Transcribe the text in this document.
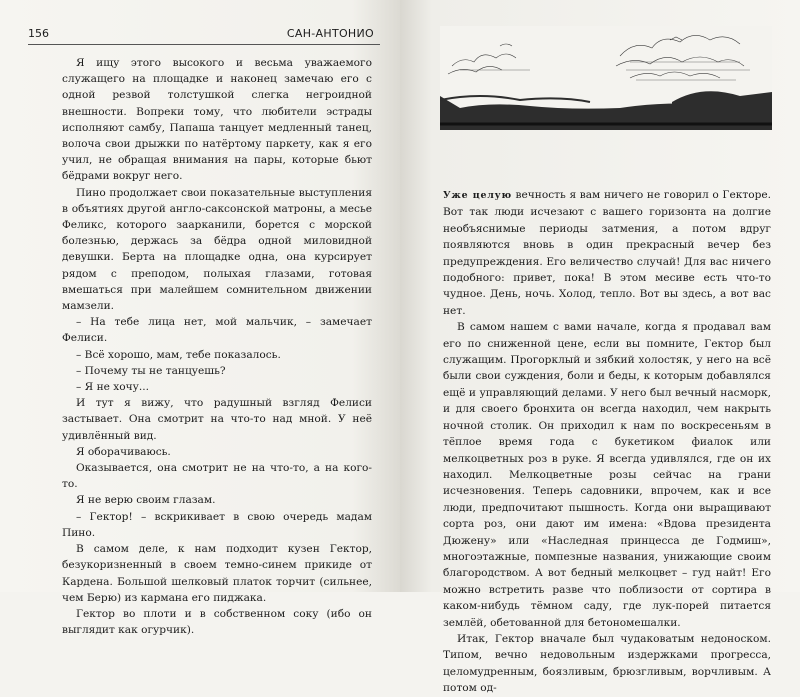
156	САН-АНТОНИО

Я ищу этого высокого и весьма уважаемого служащего на площадке и наконец замечаю его с одной резвой толстушкой слегка негроидной внешности. Вопреки тому, что любители эстрады исполняют самбу, Папаша танцует медленный танец, волоча свои дрыжки по натёртому паркету, как я его учил, не обращая внимания на пары, которые бьют бёдрами вокруг него.

Пино продолжает свои показательные выступления в объятиях другой англо-саксонской матроны, а месье Феликс, которого заарканили, борется с морской болезнью, держась за бёдра одной миловидной девушки. Берта на площадке одна, она курсирует рядом с преподом, полыхая глазами, готовая вмешаться при малейшем сомнительном движении мамзели.

– На тебе лица нет, мой мальчик, – замечает Фелиси.

– Всё хорошо, мам, тебе показалось.

– Почему ты не танцуешь?

– Я не хочу...

И тут я вижу, что радушный взгляд Фелиси застывает. Она смотрит на что-то над мной. У неё удивлённый вид.

Я оборачиваюсь.

Оказывается, она смотрит не на что-то, а на кого-то.

Я не верю своим глазам.

– Гектор! – вскрикивает в свою очередь мадам Пино.

В самом деле, к нам подходит кузен Гектор, безукоризненный в своем темно-синем прикиде от Кардена. Большой шелковый платок торчит (сильнее, чем Берю) из кармана его пиджака.

Гектор во плоти и в собственном соку (ибо он выглядит как огурчик).

Уже целую вечность я вам ничего не говорил о Гекторе. Вот так люди исчезают с вашего горизонта на долгие необъяснимые периоды затмения, а потом вдруг появляются вновь в один прекрасный вечер без предупреждения. Его величество случай! Для вас ничего подобного: привет, пока! В этом месиве есть что-то чудное. День, ночь. Холод, тепло. Вот вы здесь, а вот вас нет.

В самом нашем с вами начале, когда я продавал вам его по сниженной цене, если вы помните, Гектор был служащим. Прогорклый и зябкий холостяк, у него на всё были свои суждения, боли и беды, к которым добавлялся ещё и управляющий делами. У него был вечный насморк, и для своего бронхита он всегда находил, чем накрыть ночной столик. Он приходил к нам по воскресеньям в тёплое время года с букетиком фиалок или мелкоцветных роз в руке. Я всегда удивлялся, где он их находил. Мелкоцветные розы сейчас на грани исчезновения. Теперь садовники, впрочем, как и все люди, предпочитают пышность. Когда они выращивают сорта роз, они дают им имена: «Вдова президента Дюжену» или «Наследная принцесса де Годмиш», многоэтажные, помпезные названия, унижающие своим благородством. А вот бедный мелкоцвет – гуд найт! Его можно встретить разве что поблизости от сортира в каком-нибудь тёмном саду, где лук-порей питается землёй, обетованной для бетономешалки.

Итак, Гектор вначале был чудаковатым недоноском. Типом, вечно недовольным издержками прогресса, целомудренным, боязливым, брюзгливым, ворчливым. А потом од-
